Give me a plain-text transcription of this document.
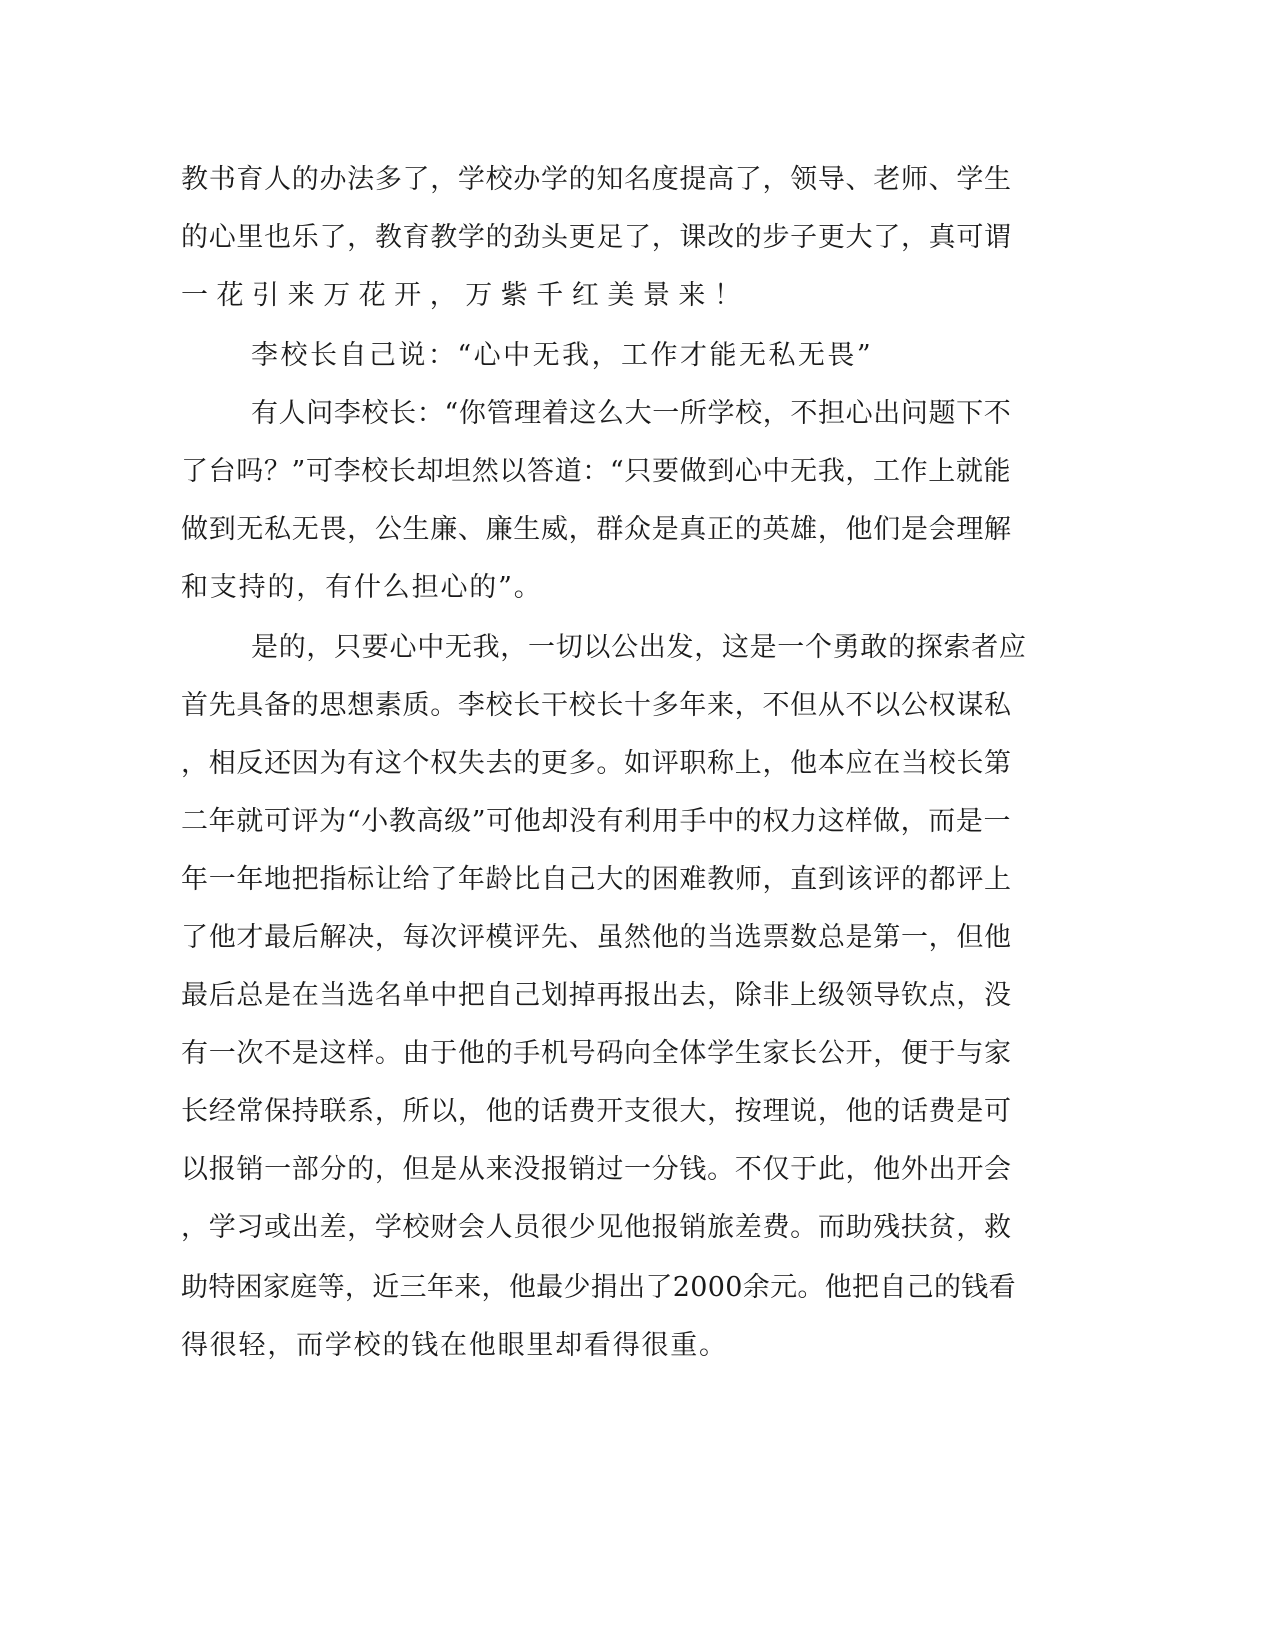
教书育人的办法多了，学校办学的知名度提高了，领导、老师、学生
的心里也乐了，教育教学的劲头更足了，课改的步子更大了，真可谓
一花引来万花开，万紫千红美景来！
李校长自己说：“心中无我，工作才能无私无畏”
有人问李校长：“你管理着这么大一所学校，不担心出问题下不
了台吗？”可李校长却坦然以答道：“只要做到心中无我，工作上就能
做到无私无畏，公生廉、廉生威，群众是真正的英雄，他们是会理解
和支持的，有什么担心的”。
是的，只要心中无我，一切以公出发，这是一个勇敢的探索者应
首先具备的思想素质。李校长干校长十多年来，不但从不以公权谋私
，相反还因为有这个权失去的更多。如评职称上，他本应在当校长第
二年就可评为“小教高级”可他却没有利用手中的权力这样做，而是一
年一年地把指标让给了年龄比自己大的困难教师，直到该评的都评上
了他才最后解决，每次评模评先、虽然他的当选票数总是第一，但他
最后总是在当选名单中把自己划掉再报出去，除非上级领导钦点，没
有一次不是这样。由于他的手机号码向全体学生家长公开，便于与家
长经常保持联系，所以，他的话费开支很大，按理说，他的话费是可
以报销一部分的，但是从来没报销过一分钱。不仅于此，他外出开会
，学习或出差，学校财会人员很少见他报销旅差费。而助残扶贫，救
助特困家庭等，近三年来，他最少捐出了2000余元。他把自己的钱看
得很轻，而学校的钱在他眼里却看得很重。
